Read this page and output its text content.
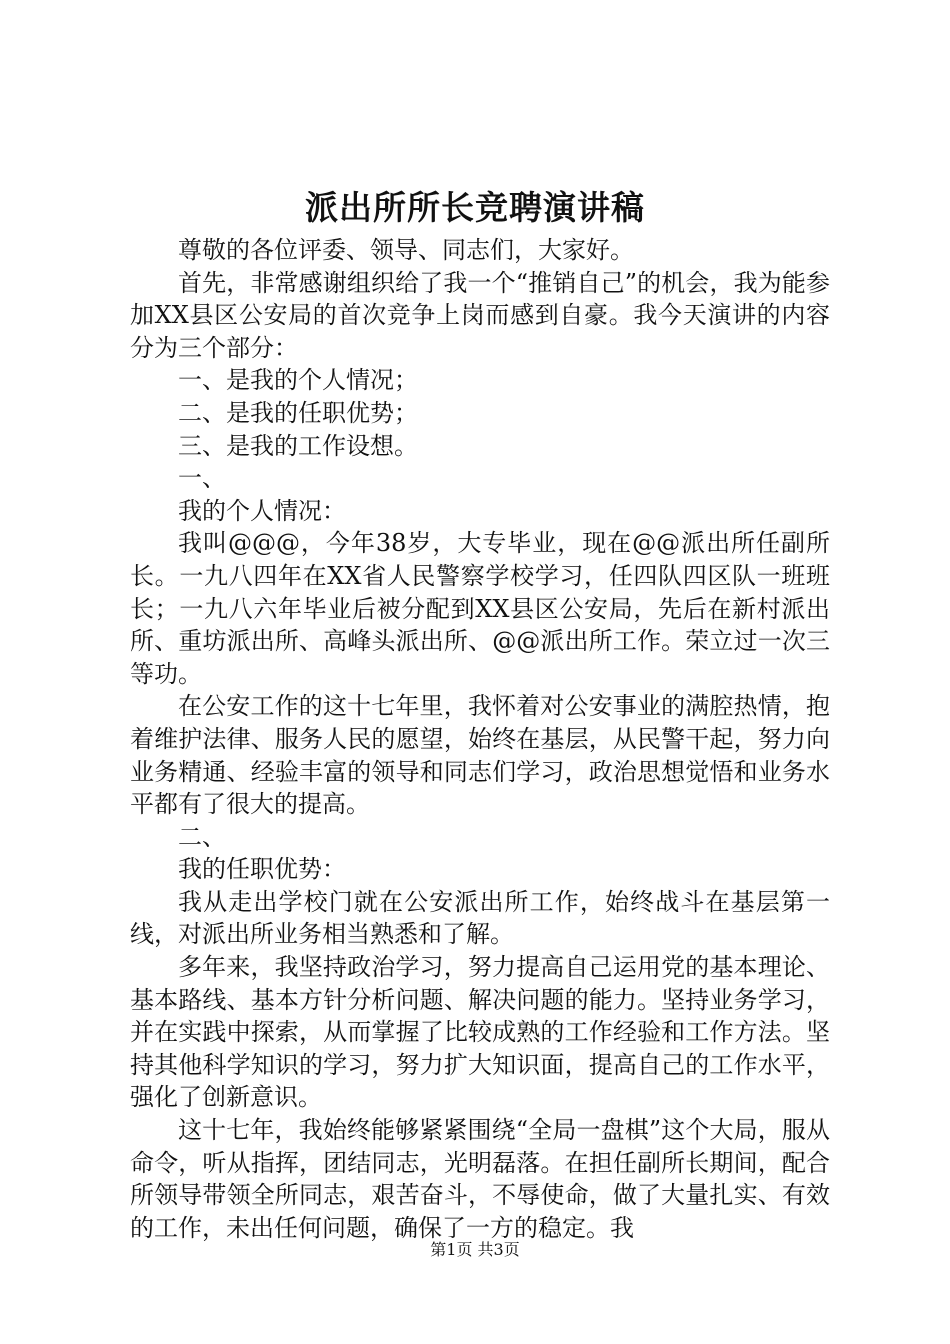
派出所所长竞聘演讲稿

尊敬的各位评委、领导、同志们，大家好。

首先，非常感谢组织给了我一个“推销自己”的机会，我为能参加XX县区公安局的首次竞争上岗而感到自豪。我今天演讲的内容分为三个部分：

一、是我的个人情况；

二、是我的任职优势；

三、是我的工作设想。

一、

我的个人情况：

我叫@@@，今年38岁，大专毕业，现在@@派出所任副所长。一九八四年在XX省人民警察学校学习，任四队四区队一班班长；一九八六年毕业后被分配到XX县区公安局，先后在新村派出所、重坊派出所、高峰头派出所、@@派出所工作。荣立过一次三等功。

在公安工作的这十七年里，我怀着对公安事业的满腔热情，抱着维护法律、服务人民的愿望，始终在基层，从民警干起，努力向业务精通、经验丰富的领导和同志们学习，政治思想觉悟和业务水平都有了很大的提高。

二、

我的任职优势：

我从走出学校门就在公安派出所工作，始终战斗在基层第一线，对派出所业务相当熟悉和了解。

多年来，我坚持政治学习，努力提高自己运用党的基本理论、基本路线、基本方针分析问题、解决问题的能力。坚持业务学习，并在实践中探索，从而掌握了比较成熟的工作经验和工作方法。坚持其他科学知识的学习，努力扩大知识面，提高自己的工作水平，强化了创新意识。

这十七年，我始终能够紧紧围绕“全局一盘棋”这个大局，服从命令，听从指挥，团结同志，光明磊落。在担任副所长期间，配合所领导带领全所同志，艰苦奋斗，不辱使命，做了大量扎实、有效的工作，未出任何问题，确保了一方的稳定。我

第1页 共3页
